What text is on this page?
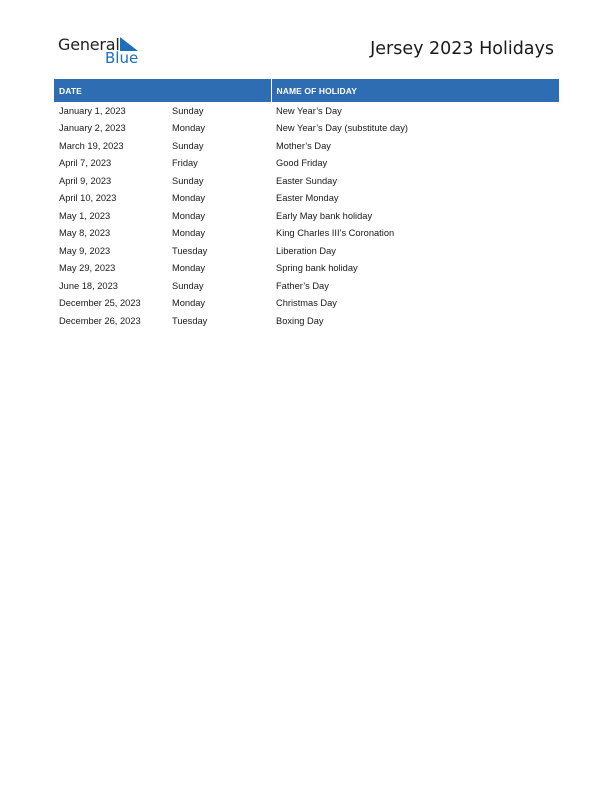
General
Blue	Jersey 2023 Holidays
DATE		NAME OF HOLIDAY
January 1, 2023	Sunday	New Year’s Day
January 2, 2023	Monday	New Year’s Day (substitute day)
March 19, 2023	Sunday	Mother’s Day
April 7, 2023	Friday	Good Friday
April 9, 2023	Sunday	Easter Sunday
April 10, 2023	Monday	Easter Monday
May 1, 2023	Monday	Early May bank holiday
May 8, 2023	Monday	King Charles III’s Coronation
May 9, 2023	Tuesday	Liberation Day
May 29, 2023	Monday	Spring bank holiday
June 18, 2023	Sunday	Father’s Day
December 25, 2023	Monday	Christmas Day
December 26, 2023	Tuesday	Boxing Day
